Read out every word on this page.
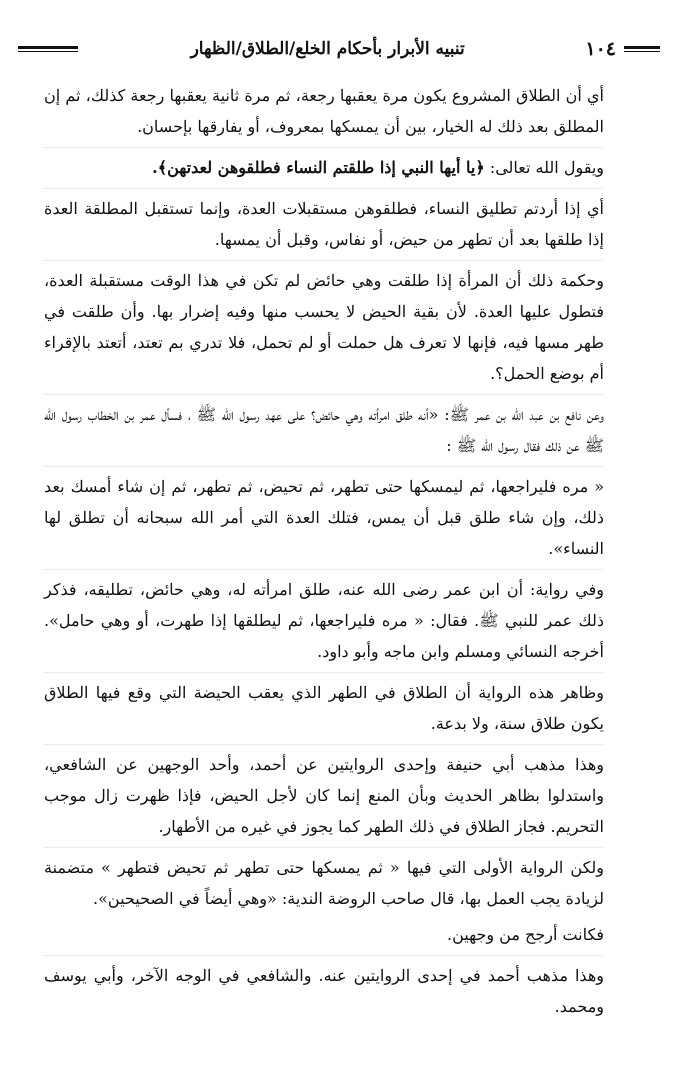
١٠٤
تنبيه الأبرار بأحكام الخلع/الطلاق/الظهار

أي أن الطلاق المشروع يكون مرة يعقبها رجعة، ثم مرة ثانية يعقبها رجعة كذلك، ثم إن المطلق بعد ذلك له الخيار، بين أن يمسكها بمعروف، أو يفارقها بإحسان.

ويقول الله تعالى: ﴿يا أيها النبي إذا طلقتم النساء فطلقوهن لعدتهن﴾.

أي إذا أردتم تطليق النساء، فطلقوهن مستقبلات العدة، وإنما تستقبل المطلقة العدة إذا طلقها بعد أن تطهر من حيض، أو نفاس، وقبل أن يمسها.

وحكمة ذلك أن المرأة إذا طلقت وهي حائض لم تكن في هذا الوقت مستقبلة العدة، فتطول عليها العدة. لأن بقية الحيض لا يحسب منها وفيه إضرار بها. وأن طلقت في طهر مسها فيه، فإنها لا تعرف هل حملت أو لم تحمل، فلا تدري بم تعتد، أتعتد بالإقراء أم بوضع الحمل؟.

وعن نافع بن عبد الله بن عمر ﷺ: «أنه طلق امرأته وهي حائض؟ على عهد رسول الله ﷺ ، فسأل عمر بن الخطاب رسول الله ﷺ عن ذلك فقال رسول الله ﷺ :

« مره فليراجعها، ثم ليمسكها حتى تطهر، ثم تحيض، ثم تطهر، ثم إن شاء أمسك بعد ذلك، وإن شاء طلق قبل أن يمس، فتلك العدة التي أمر الله سبحانه أن تطلق لها النساء».

وفي رواية: أن ابن عمر رضى الله عنه، طلق امرأته له، وهي حائض، تطليقه، فذكر ذلك عمر للنبي ﷺ. فقال: « مره فليراجعها، ثم ليطلقها إذا طهرت، أو وهي حامل». أخرجه النسائي ومسلم وابن ماجه وأبو داود.

وظاهر هذه الرواية أن الطلاق في الطهر الذي يعقب الحيضة التي وقع فيها الطلاق يكون طلاق سنة، ولا بدعة.

وهذا مذهب أبي حنيفة وإحدى الروايتين عن أحمد، وأحد الوجهين عن الشافعي، واستدلوا بظاهر الحديث وبأن المنع إنما كان لأجل الحيض، فإذا ظهرت زال موجب التحريم. فجاز الطلاق في ذلك الطهر كما يجوز في غيره من الأطهار.

ولكن الرواية الأولى التي فيها « ثم يمسكها حتى تطهر ثم تحيض فتطهر » متضمنة لزيادة يجب العمل بها، قال صاحب الروضة الندية: «وهي أيضاً في الصحيحين».

فكانت أرجح من وجهين.

وهذا مذهب أحمد في إحدى الروايتين عنه. والشافعي في الوجه الآخر، وأبي يوسف ومحمد.
